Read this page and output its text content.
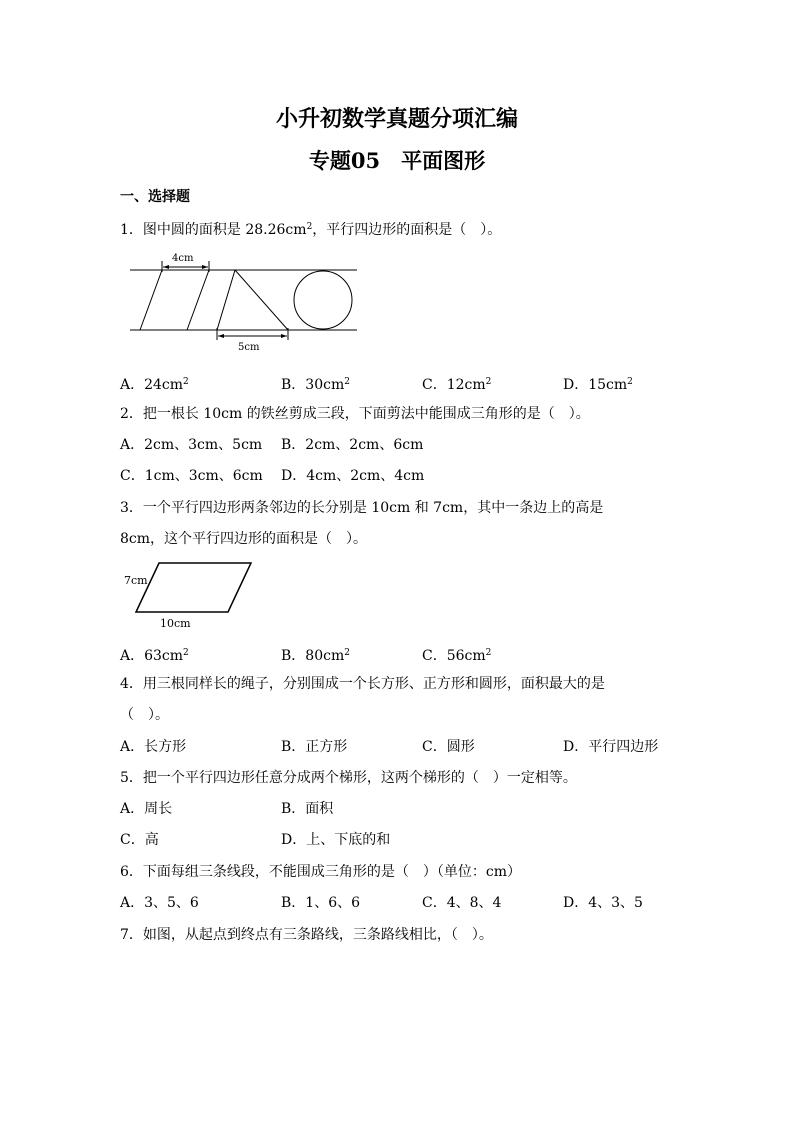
小升初数学真题分项汇编
专题05　平面图形
一、选择题
1．图中圆的面积是 $28.26cm^2$，平行四边形的面积是（　）。
4cm
5cm
A．$24cm^2$	B．$30cm^2$	C．$12cm^2$	D．$15cm^2$
2．把一根长 10cm 的铁丝剪成三段，下面剪法中能围成三角形的是（　）。
A．2cm、3cm、5cm B．2cm、2cm、6cm
C．1cm、3cm、6cm D．4cm、2cm、4cm
3．一个平行四边形两条邻边的长分别是 10cm 和 7cm，其中一条边上的高是
8cm，这个平行四边形的面积是（　）。
7cm
10cm
A．$63cm^2$	B．$80cm^2$	C．$56cm^2$
4．用三根同样长的绳子，分别围成一个长方形、正方形和圆形，面积最大的是
（　）。
A．长方形	B．正方形	C．圆形	D．平行四边形
5．把一个平行四边形任意分成两个梯形，这两个梯形的（　）一定相等。
A．周长	B．面积
C．高	D．上、下底的和
6．下面每组三条线段，不能围成三角形的是（　）（单位：cm）
A．3、5、6	B．1、6、6	C．4、8、4	D．4、3、5
7．如图，从起点到终点有三条路线，三条路线相比，（　）。
